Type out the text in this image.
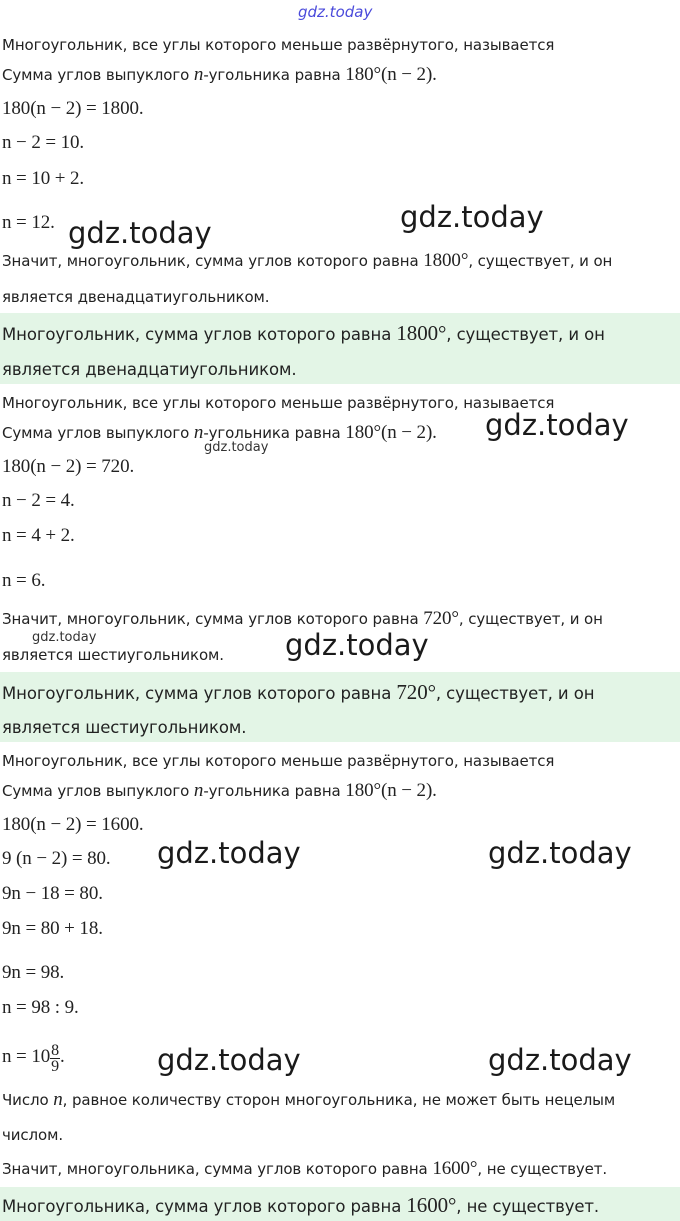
gdz.today
Многоугольник, все углы которого меньше развёрнутого, называется
Сумма углов выпуклого n-угольника равна 180°(n − 2).
180(n − 2) = 1800.
n − 2 = 10.
n = 10 + 2.
n = 12.
Значит, многоугольник, сумма углов которого равна 1800°, существует, и он
является двенадцатиугольником.
Многоугольник, сумма углов которого равна 1800°, существует, и он
является двенадцатиугольником.
Многоугольник, все углы которого меньше развёрнутого, называется
Сумма углов выпуклого n-угольника равна 180°(n − 2).
180(n − 2) = 720.
n − 2 = 4.
n = 4 + 2.
n = 6.
Значит, многоугольник, сумма углов которого равна 720°, существует, и он
является шестиугольником.
Многоугольник, сумма углов которого равна 720°, существует, и он
является шестиугольником.
Многоугольник, все углы которого меньше развёрнутого, называется
Сумма углов выпуклого n-угольника равна 180°(n − 2).
180(n − 2) = 1600.
9 (n − 2) = 80.
9n − 18 = 80.
9n = 80 + 18.
9n = 98.
n = 98 : 9.
$n = 10 \frac{8}{9}$ .
Число n, равное количеству сторон многоугольника, не может быть нецелым
числом.
Значит, многоугольника, сумма углов которого равна 1600°, не существует.
Многоугольника, сумма углов которого равна 1600°, не существует.
gdz.today	gdz.today
gdz.today
gdz.today
gdz.today	gdz.today
gdz.today	gdz.today
gdz.today	gdz.today
